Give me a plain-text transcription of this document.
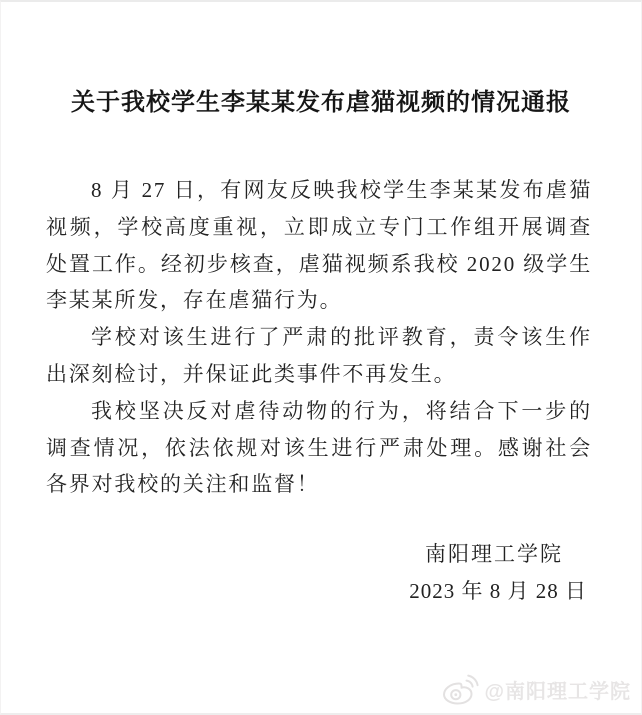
关于我校学生李某某发布虐猫视频的情况通报
8 月 27 日，有网友反映我校学生李某某发布虐猫
视频，学校高度重视，立即成立专门工作组开展调查
处置工作。经初步核查，虐猫视频系我校 2020 级学生
李某某所发，存在虐猫行为。
学校对该生进行了严肃的批评教育，责令该生作
出深刻检讨，并保证此类事件不再发生。
我校坚决反对虐待动物的行为，将结合下一步的
调查情况，依法依规对该生进行严肃处理。感谢社会
各界对我校的关注和监督！
南阳理工学院
2023 年 8 月 28 日
@南阳理工学院
